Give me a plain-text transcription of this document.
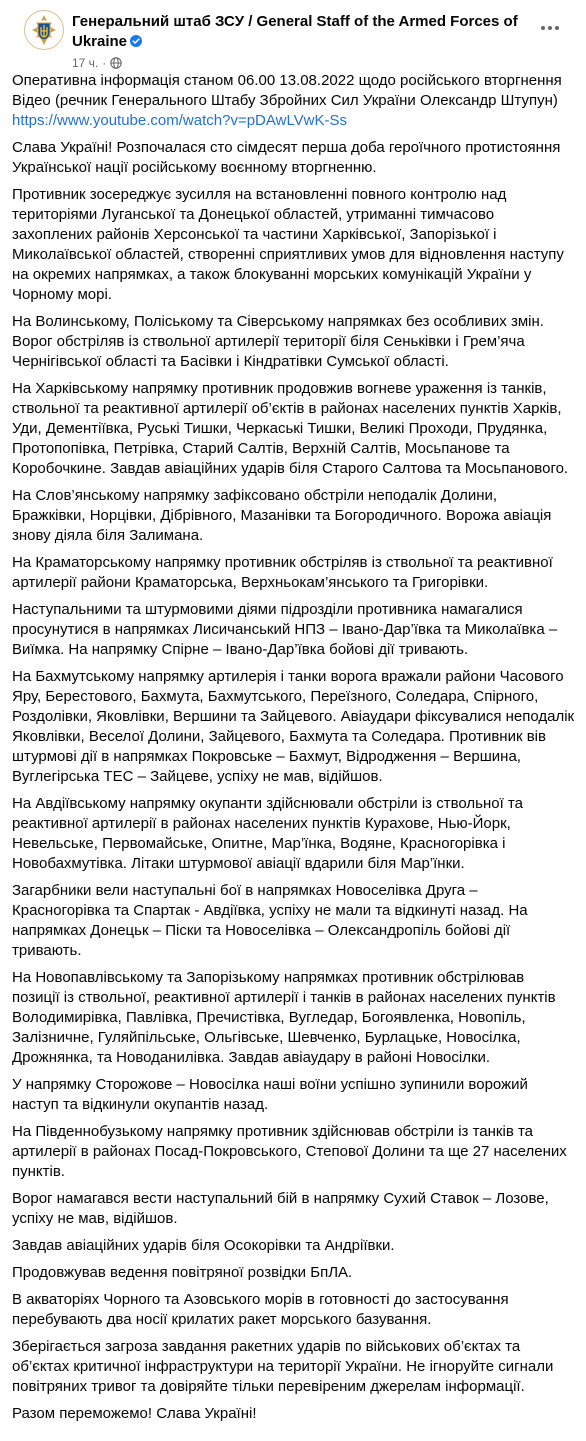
Генеральний штаб ЗСУ / General Staff of the Armed Forces of
Ukraine
17 ч. ·
Оперативна інформація станом 06.00 13.08.2022 щодо російського вторгнення
Відео (речник Генерального Штабу Збройних Сил України Олександр Штупун)
https://www.youtube.com/watch?v=pDAwLVwK-Ss
Слава Україні! Розпочалася сто сімдесят перша доба героїчного протистояння
Української нації російському воєнному вторгненню.
Противник зосереджує зусилля на встановленні повного контролю над
територіями Луганської та Донецької областей, утриманні тимчасово
захоплених районів Херсонської та частини Харківської, Запорізької і
Миколаївської областей, створенні сприятливих умов для відновлення наступу
на окремих напрямках, а також блокуванні морських комунікацій України у
Чорному морі.
На Волинському, Поліському та Сіверському напрямках без особливих змін.
Ворог обстріляв із ствольної артилерії території біля Сеньківки і Грем’яча
Чернігівської області та Басівки і Кіндратівки Сумської області.
На Харківському напрямку противник продовжив вогневе ураження із танків,
ствольної та реактивної артилерії об’єктів в районах населених пунктів Харків,
Уди, Дементіївка, Руські Тишки, Черкаські Тишки, Великі Проходи, Прудянка,
Протопопівка, Петрівка, Старий Салтів, Верхній Салтів, Мосьпанове та
Коробочкине. Завдав авіаційних ударів біля Старого Салтова та Мосьпанового.
На Слов’янському напрямку зафіксовано обстріли неподалік Долини,
Бражківки, Норцівки, Дібрівного, Мазанівки та Богородичного. Ворожа авіація
знову діяла біля Залимана.
На Краматорському напрямку противник обстріляв із ствольної та реактивної
артилерії райони Краматорська, Верхньокам’янського та Григорівки.
Наступальними та штурмовими діями підрозділи противника намагалися
просунутися в напрямках Лисичанський НПЗ – Івано-Дар’ївка та Миколаївка –
Виїмка. На напрямку Спірне – Івано-Дар’ївка бойові дії тривають.
На Бахмутському напрямку артилерія і танки ворога вражали райони Часового
Яру, Берестового, Бахмута, Бахмутського, Переїзного, Соледара, Спірного,
Роздолівки, Яковлівки, Вершини та Зайцевого. Авіаудари фіксувалися неподалік
Яковлівки, Веселої Долини, Зайцевого, Бахмута та Соледара. Противник вів
штурмові дії в напрямках Покровське – Бахмут, Відродження – Вершина,
Вуглегірська ТЕС – Зайцеве, успіху не мав, відійшов.
На Авдіївському напрямку окупанти здійснювали обстріли із ствольної та
реактивної артилерії в районах населених пунктів Курахове, Нью-Йорк,
Невельське, Первомайське, Опитне, Мар’їнка, Водяне, Красногорівка і
Новобахмутівка. Літаки штурмової авіації вдарили біля Мар’їнки.
Загарбники вели наступальні бої в напрямках Новоселівка Друга –
Красногорівка та Спартак - Авдіївка, успіху не мали та відкинуті назад. На
напрямках Донецьк – Піски та Новоселівка – Олександропіль бойові дії
тривають.
На Новопавлівському та Запорізькому напрямках противник обстрілював
позиції із ствольної, реактивної артилерії і танків в районах населених пунктів
Володимирівка, Павлівка, Пречистівка, Вугледар, Богоявленка, Новопіль,
Залізничне, Гуляйпільське, Ольгівське, Шевченко, Бурлацьке, Новосілка,
Дрожнянка, та Новоданилівка. Завдав авіаудару в районі Новосілки.
У напрямку Сторожове – Новосілка наші воїни успішно зупинили ворожий
наступ та відкинули окупантів назад.
На Південнобузькому напрямку противник здійснював обстріли із танків та
артилерії в районах Посад-Покровського, Степової Долини та ще 27 населених
пунктів.
Ворог намагався вести наступальний бій в напрямку Сухий Ставок – Лозове,
успіху не мав, відійшов.
Завдав авіаційних ударів біля Осокорівки та Андріївки.
Продовжував ведення повітряної розвідки БпЛА.
В акваторіях Чорного та Азовського морів в готовності до застосування
перебувають два носії крилатих ракет морського базування.
Зберігається загроза завдання ракетних ударів по військових об’єктах та
об’єктах критичної інфраструктури на території України. Не ігноруйте сигнали
повітряних тривог та довіряйте тільки перевіреним джерелам інформації.
Разом переможемо! Слава Україні!
